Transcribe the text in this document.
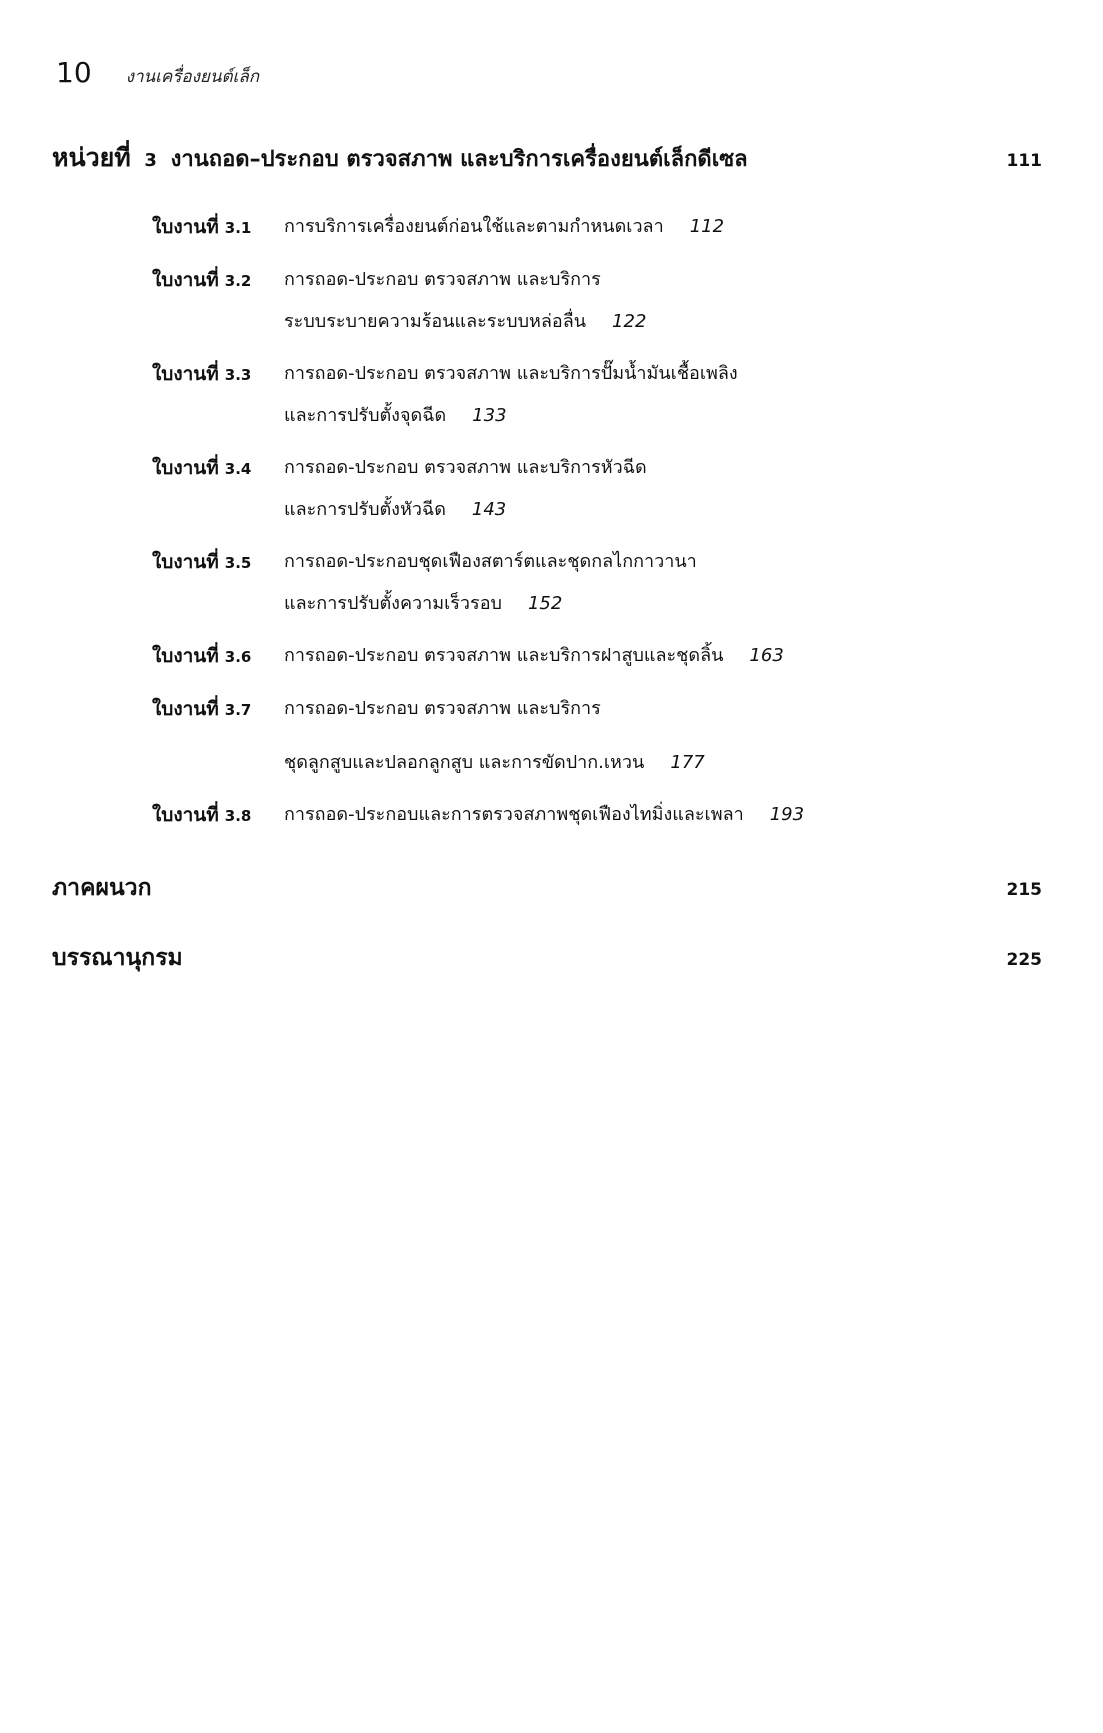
10 งานเครื่องยนต์เล็ก
หน่วยที่ 3 งานถอด–ประกอบ ตรวจสภาพ และบริการเครื่องยนต์เล็กดีเซล	111
ใบงานที่ 3.1	การบริการเครื่องยนต์ก่อนใช้และตามกำหนดเวลา 112
ใบงานที่ 3.2	การถอด-ประกอบ ตรวจสภาพ และบริการ
ระบบระบายความร้อนและระบบหล่อลื่น 122
ใบงานที่ 3.3	การถอด-ประกอบ ตรวจสภาพ และบริการปั๊มน้ำมันเชื้อเพลิง
และการปรับตั้งจุดฉีด 133
ใบงานที่ 3.4	การถอด-ประกอบ ตรวจสภาพ และบริการหัวฉีด
และการปรับตั้งหัวฉีด 143
ใบงานที่ 3.5	การถอด-ประกอบชุดเฟืองสตาร์ตและชุดกลไกกาวานา
และการปรับตั้งความเร็วรอบ 152
ใบงานที่ 3.6	การถอด-ประกอบ ตรวจสภาพ และบริการฝาสูบและชุดลิ้น 163
ใบงานที่ 3.7	การถอด-ประกอบ ตรวจสภาพ และบริการ
ชุดลูกสูบและปลอกลูกสูบ และการขัดปาก.เหวน 177
ใบงานที่ 3.8	การถอด-ประกอบและการตรวจสภาพชุดเฟืองไทมิ่งและเพลา 193
ภาคผนวก	215
บรรณานุกรม	225
